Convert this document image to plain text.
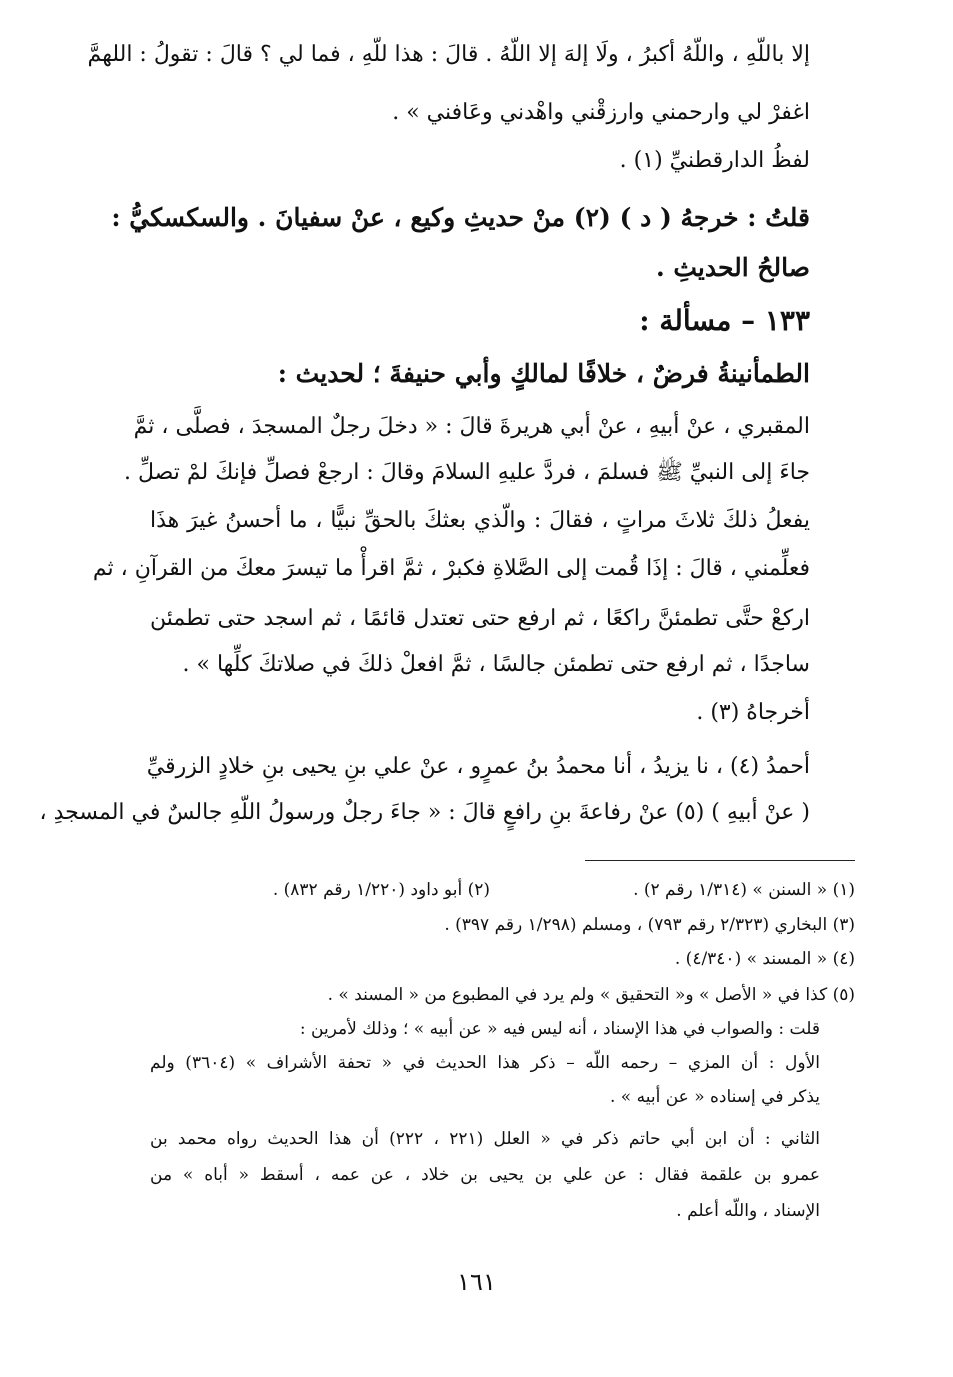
إلا باللّهِ ، واللّهُ أكبرُ ، ولَا إلهَ إلا اللّهُ . قالَ : هذا للّهِ ، فما لي ؟ قالَ : تقولُ : اللهمَّ
اغفرْ لي وارحمني وارزقْني واهْدني وعَافني » .
لفظُ الدارقطنيِّ (١) .
قلتُ : خرجهُ ( د ) (٢) منْ حديثِ وكيع ، عنْ سفيانَ . والسكسكيُّ :
صالحُ الحديثِ .
١٣٣ – مسألة :
الطمأنينةُ فرضٌ ، خلافًا لمالكٍ وأبي حنيفةَ ؛ لحديث :
المقبري ، عنْ أبيهِ ، عنْ أبي هريرةَ قالَ : « دخلَ رجلٌ المسجدَ ، فصلَّى ، ثمَّ
جاءَ إلى النبيِّ ﷺ فسلمَ ، فردَّ عليهِ السلامَ وقالَ : ارجعْ فصلِّ فإنكَ لمْ تصلِّ .
يفعلُ ذلكَ ثلاثَ مراتٍ ، فقالَ : والّذي بعثكَ بالحقِّ نبيًّا ، ما أحسنُ غيرَ هذَا
فعلِّمني ، قالَ : إذَا قُمت إلى الصَّلاةِ فكبرْ ، ثمَّ اقرأْ ما تيسرَ معكَ من القرآنِ ، ثم
اركعْ حتَّى تطمئنَّ راكعًا ، ثم ارفع حتى تعتدل قائمًا ، ثم اسجد حتى تطمئن
ساجدًا ، ثم ارفع حتى تطمئن جالسًا ، ثمَّ افعلْ ذلكَ في صلاتكَ كلِّها » .
أخرجاهُ (٣) .
أحمدُ (٤) ، نا يزيدُ ، أنا محمدُ بنُ عمرٍو ، عنْ علي بنِ يحيى بنِ خلادٍ الزرقيِّ
( عنْ أبيهِ ) (٥) عنْ رفاعةَ بنِ رافعٍ قالَ : « جاءَ رجلٌ ورسولُ اللّهِ جالسٌ في المسجدِ ،
(١) « السنن » (١/٣١٤ رقم ٢) .
(٢) أبو داود (١/٢٢٠ رقم ٨٣٢) .
(٣) البخاري (٢/٣٢٣ رقم ٧٩٣) ، ومسلم (١/٢٩٨ رقم ٣٩٧) .
(٤) « المسند » (٤/٣٤٠) .
(٥) كذا في « الأصل » و« التحقيق » ولم يرد في المطبوع من « المسند » .
قلت : والصواب في هذا الإسناد ، أنه ليس فيه « عن أبيه » ؛ وذلك لأمرين :
الأول : أن المزي – رحمه اللّه – ذكر هذا الحديث في « تحفة الأشراف » (٣٦٠٤) ولم
يذكر في إسناده « عن أبيه » .
الثاني : أن ابن أبي حاتم ذكر في « العلل (٢٢١ ، ٢٢٢) أن هذا الحديث رواه محمد بن
عمرو بن علقمة فقال : عن علي بن يحيى بن خلاد ، عن عمه ، أسقط « أباه » من
الإسناد ، واللّه أعلم .
١٦١
